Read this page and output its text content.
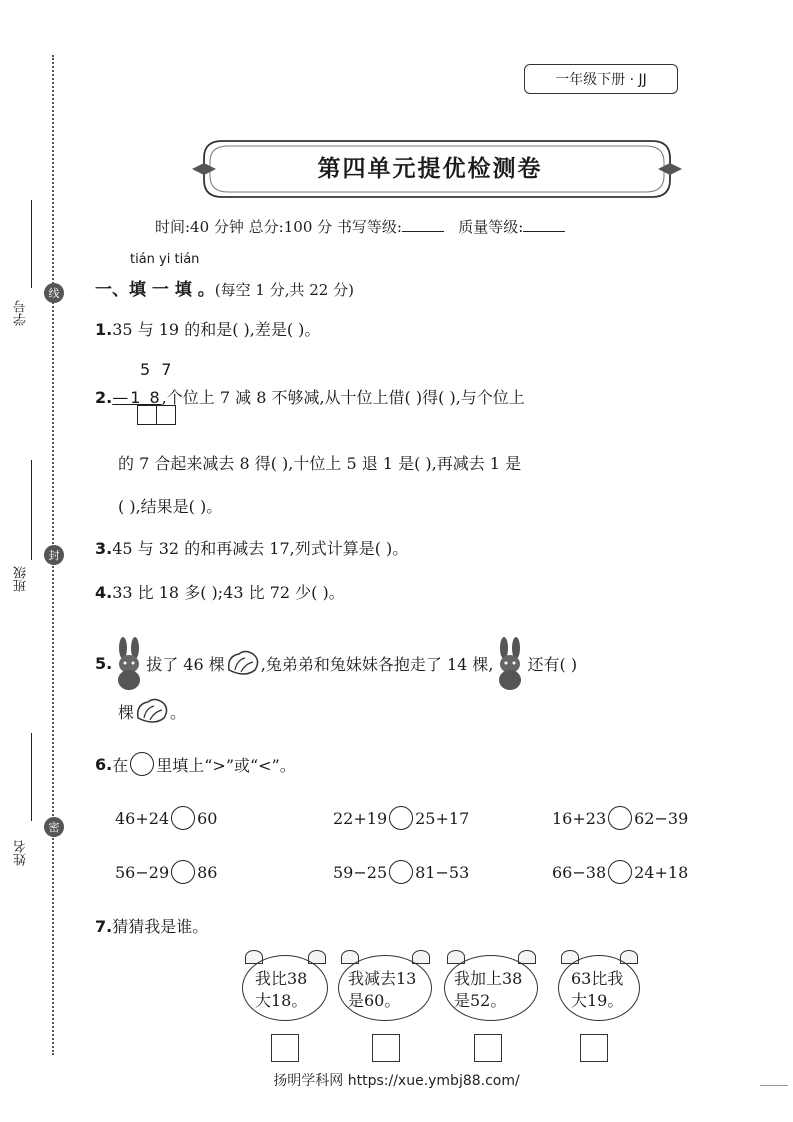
线
学号
封
班级
密
姓名
一年级下册 · JJ
第四单元提优检测卷
时间:40 分钟 总分:100 分 书写等级:	质量等级:
tián yi tián
一、填 一 填 。(每空 1 分,共 22 分)
1.35 与 19 的和是( ),差是( )。
5 7
2.—1 8,个位上 7 减 8 不够减,从十位上借( )得( ),与个位上
的 7 合起来减去 8 得( ),十位上 5 退 1 是( ),再减去 1 是
( ),结果是( )。
3.45 与 32 的和再减去 17,列式计算是( )。
4.33 比 18 多( );43 比 72 少( )。
5. 拔了 46 棵 ,兔弟弟和兔妹妹各抱走了 14 棵, 还有( )
棵 。
6. 在 里填上“>”或“<”。
46+24 60	22+19 25+17	16+23 62−39
56−29 86	59−25 81−53	66−38 24+18
7.猜猜我是谁。
我比38
大18。
我减去13
是60。
我加上38
是52。
63比我
大19。
扬明学科网 https://xue.ymbj88.com/
